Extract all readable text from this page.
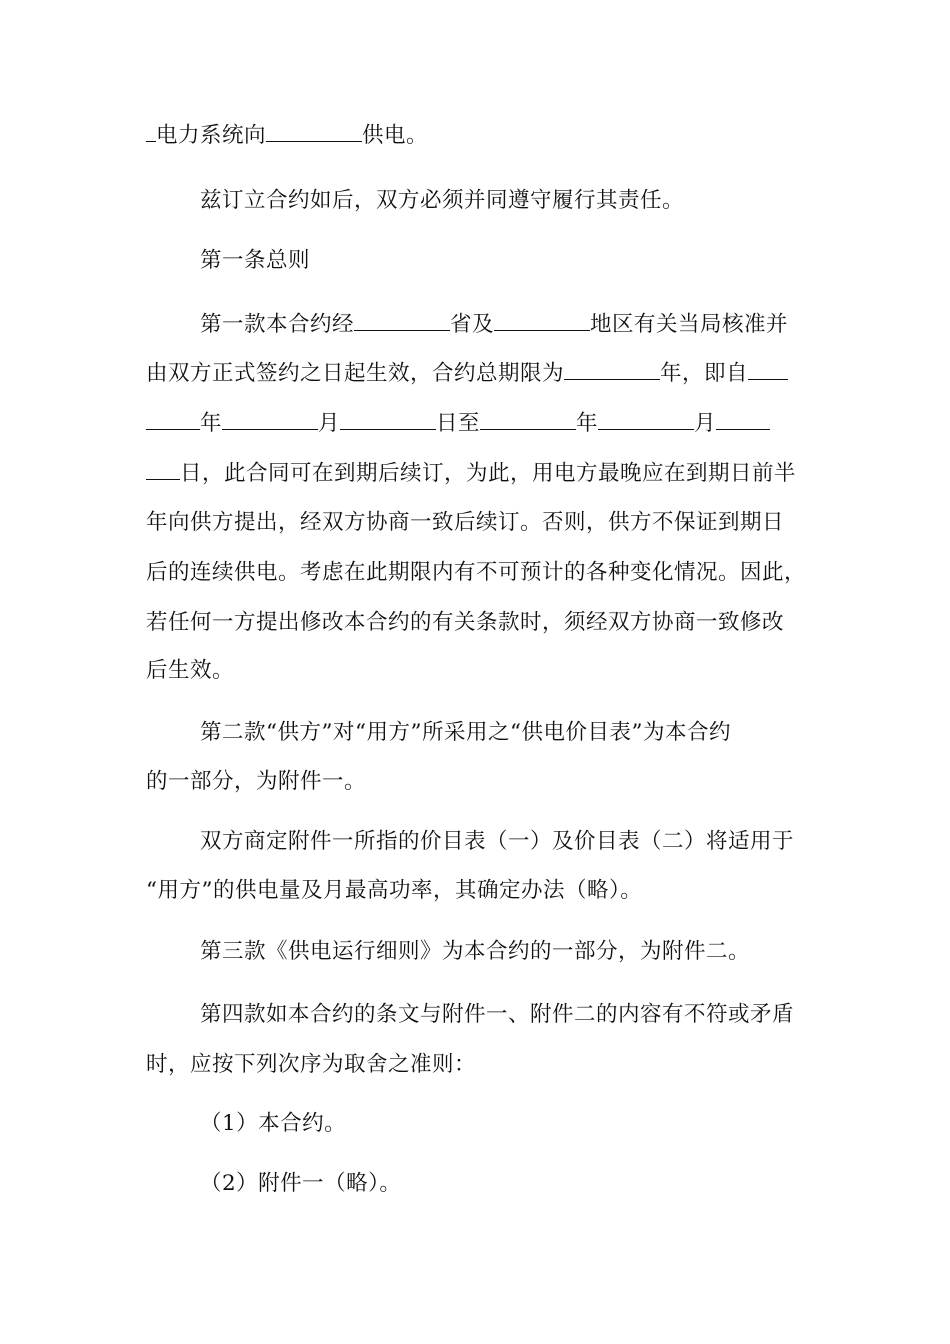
电力系统向	供电。
兹订立合约如后，双方必须并同遵守履行其责任。
第一条总则
第一款本合约经	省及	地区有关当局核准并
由双方正式签约之日起生效，合约总期限为	年，即自
年	月	日至	年	月
日，此合同可在到期后续订，为此，用电方最晚应在到期日前半
年向供方提出，经双方协商一致后续订。否则，供方不保证到期日
后的连续供电。考虑在此期限内有不可预计的各种变化情况。因此，
若任何一方提出修改本合约的有关条款时，须经双方协商一致修改
后生效。
第二款“供方”对“用方”所采用之“供电价目表”为本合约
的一部分，为附件一。
双方商定附件一所指的价目表（一）及价目表（二）将适用于
“用方”的供电量及月最高功率，其确定办法（略）。
第三款《供电运行细则》为本合约的一部分，为附件二。
第四款如本合约的条文与附件一、附件二的内容有不符或矛盾
时，应按下列次序为取舍之准则：
（1）本合约。
（2）附件一（略）。
